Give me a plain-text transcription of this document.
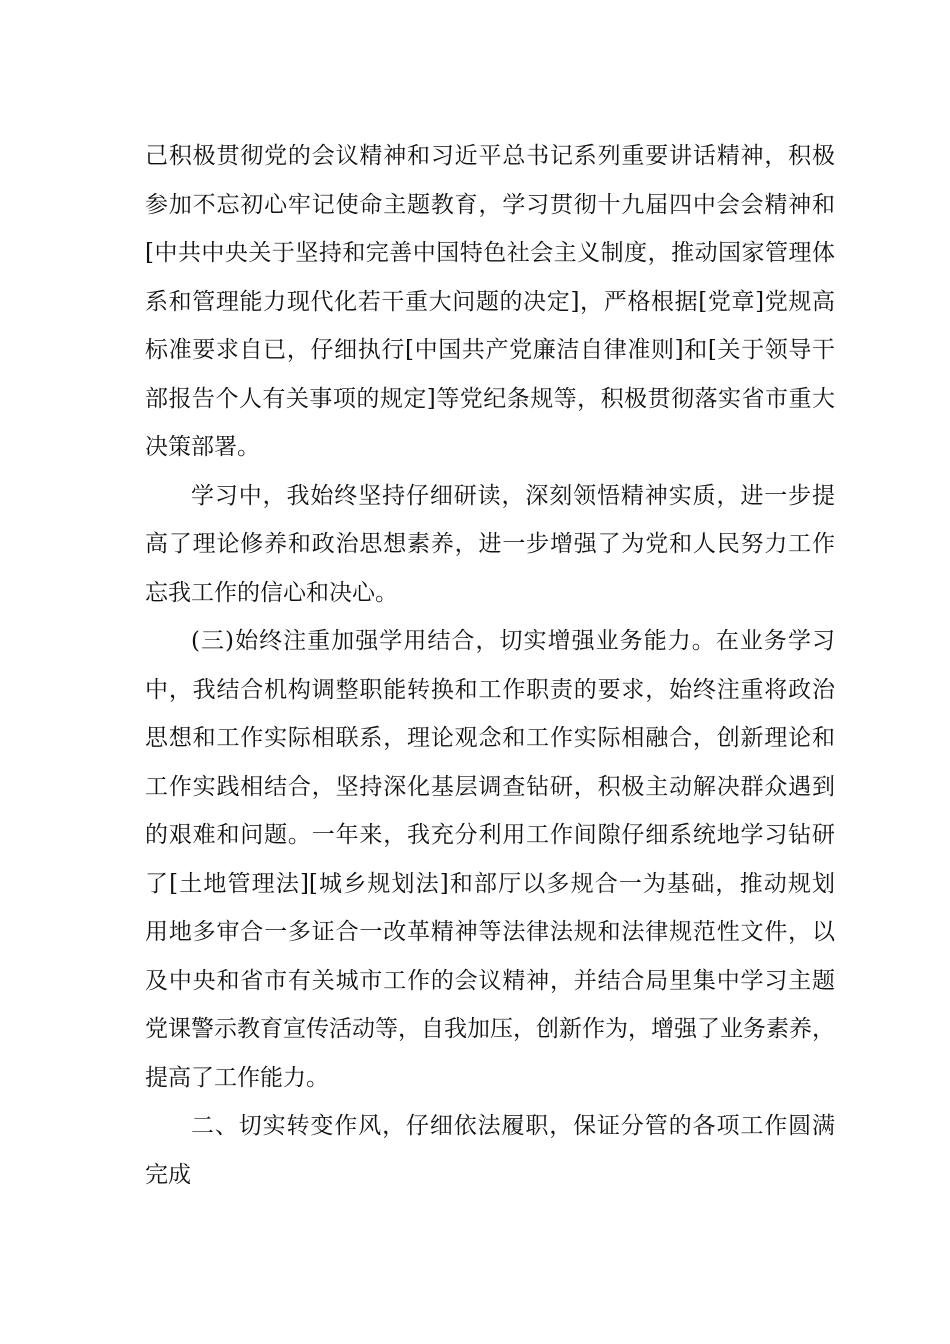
己积极贯彻党的会议精神和习近平总书记系列重要讲话精神，积极
参加不忘初心牢记使命主题教育，学习贯彻十九届四中会会精神和
[中共中央关于坚持和完善中国特色社会主义制度，推动国家管理体
系和管理能力现代化若干重大问题的决定]，严格根据[党章]党规高
标准要求自已，仔细执行[中国共产党廉洁自律准则]和[关于领导干
部报告个人有关事项的规定]等党纪条规等，积极贯彻落实省市重大
决策部署。
学习中，我始终坚持仔细研读，深刻领悟精神实质，进一步提
高了理论修养和政治思想素养，进一步增强了为党和人民努力工作
忘我工作的信心和决心。
(三)始终注重加强学用结合，切实增强业务能力。在业务学习
中，我结合机构调整职能转换和工作职责的要求，始终注重将政治
思想和工作实际相联系，理论观念和工作实际相融合，创新理论和
工作实践相结合，坚持深化基层调查钻研，积极主动解决群众遇到
的艰难和问题。一年来，我充分利用工作间隙仔细系统地学习钻研
了[土地管理法][城乡规划法]和部厅以多规合一为基础，推动规划
用地多审合一多证合一改革精神等法律法规和法律规范性文件，以
及中央和省市有关城市工作的会议精神，并结合局里集中学习主题
党课警示教育宣传活动等，自我加压，创新作为，增强了业务素养，
提高了工作能力。
二、切实转变作风，仔细依法履职，保证分管的各项工作圆满
完成
